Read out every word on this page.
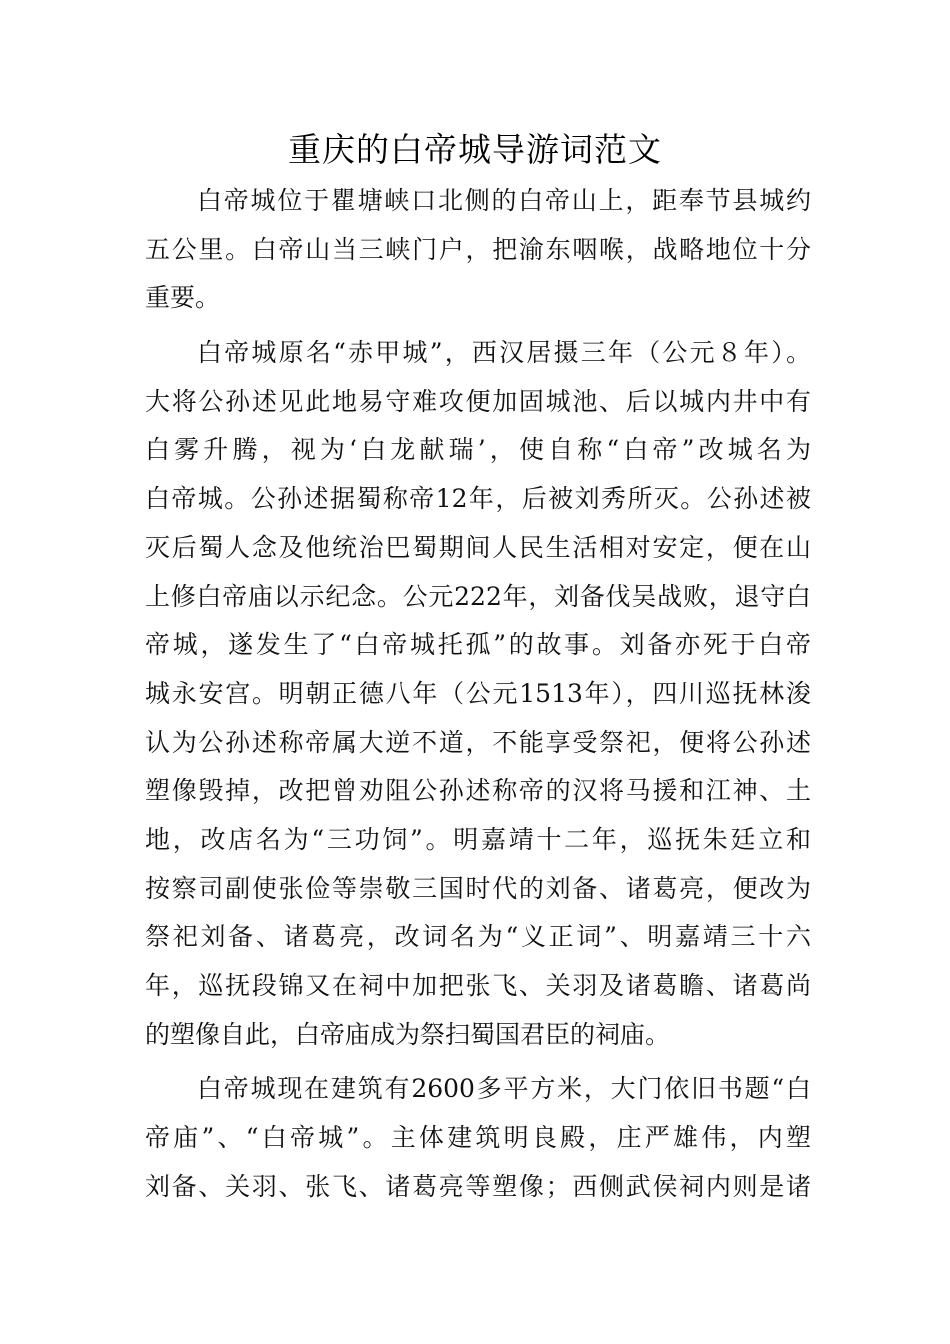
重庆的白帝城导游词范文
白帝城位于瞿塘峡口北侧的白帝山上，距奉节县城约
五公里。白帝山当三峡门户，把渝东咽喉，战略地位十分
重要。
白帝城原名“赤甲城”，西汉居摄三年（公元８年）。
大将公孙述见此地易守难攻便加固城池、后以城内井中有
白雾升腾，视为‘白龙献瑞’，使自称“白帝”改城名为
白帝城。公孙述据蜀称帝12年，后被刘秀所灭。公孙述被
灭后蜀人念及他统治巴蜀期间人民生活相对安定，便在山
上修白帝庙以示纪念。公元222年，刘备伐吴战败，退守白
帝城，遂发生了“白帝城托孤”的故事。刘备亦死于白帝
城永安宫。明朝正德八年（公元1513年），四川巡抚林浚
认为公孙述称帝属大逆不道，不能享受祭祀，便将公孙述
塑像毁掉，改把曾劝阻公孙述称帝的汉将马援和江神、土
地，改店名为“三功饲”。明嘉靖十二年，巡抚朱廷立和
按察司副使张俭等崇敬三国时代的刘备、诸葛亮，便改为
祭祀刘备、诸葛亮，改词名为“义正词”、明嘉靖三十六
年，巡抚段锦又在祠中加把张飞、关羽及诸葛瞻、诸葛尚
的塑像自此，白帝庙成为祭扫蜀国君臣的祠庙。
白帝城现在建筑有2600多平方米，大门依旧书题“白
帝庙”、“白帝城”。主体建筑明良殿，庄严雄伟，内塑
刘备、关羽、张飞、诸葛亮等塑像；西侧武侯祠内则是诸
